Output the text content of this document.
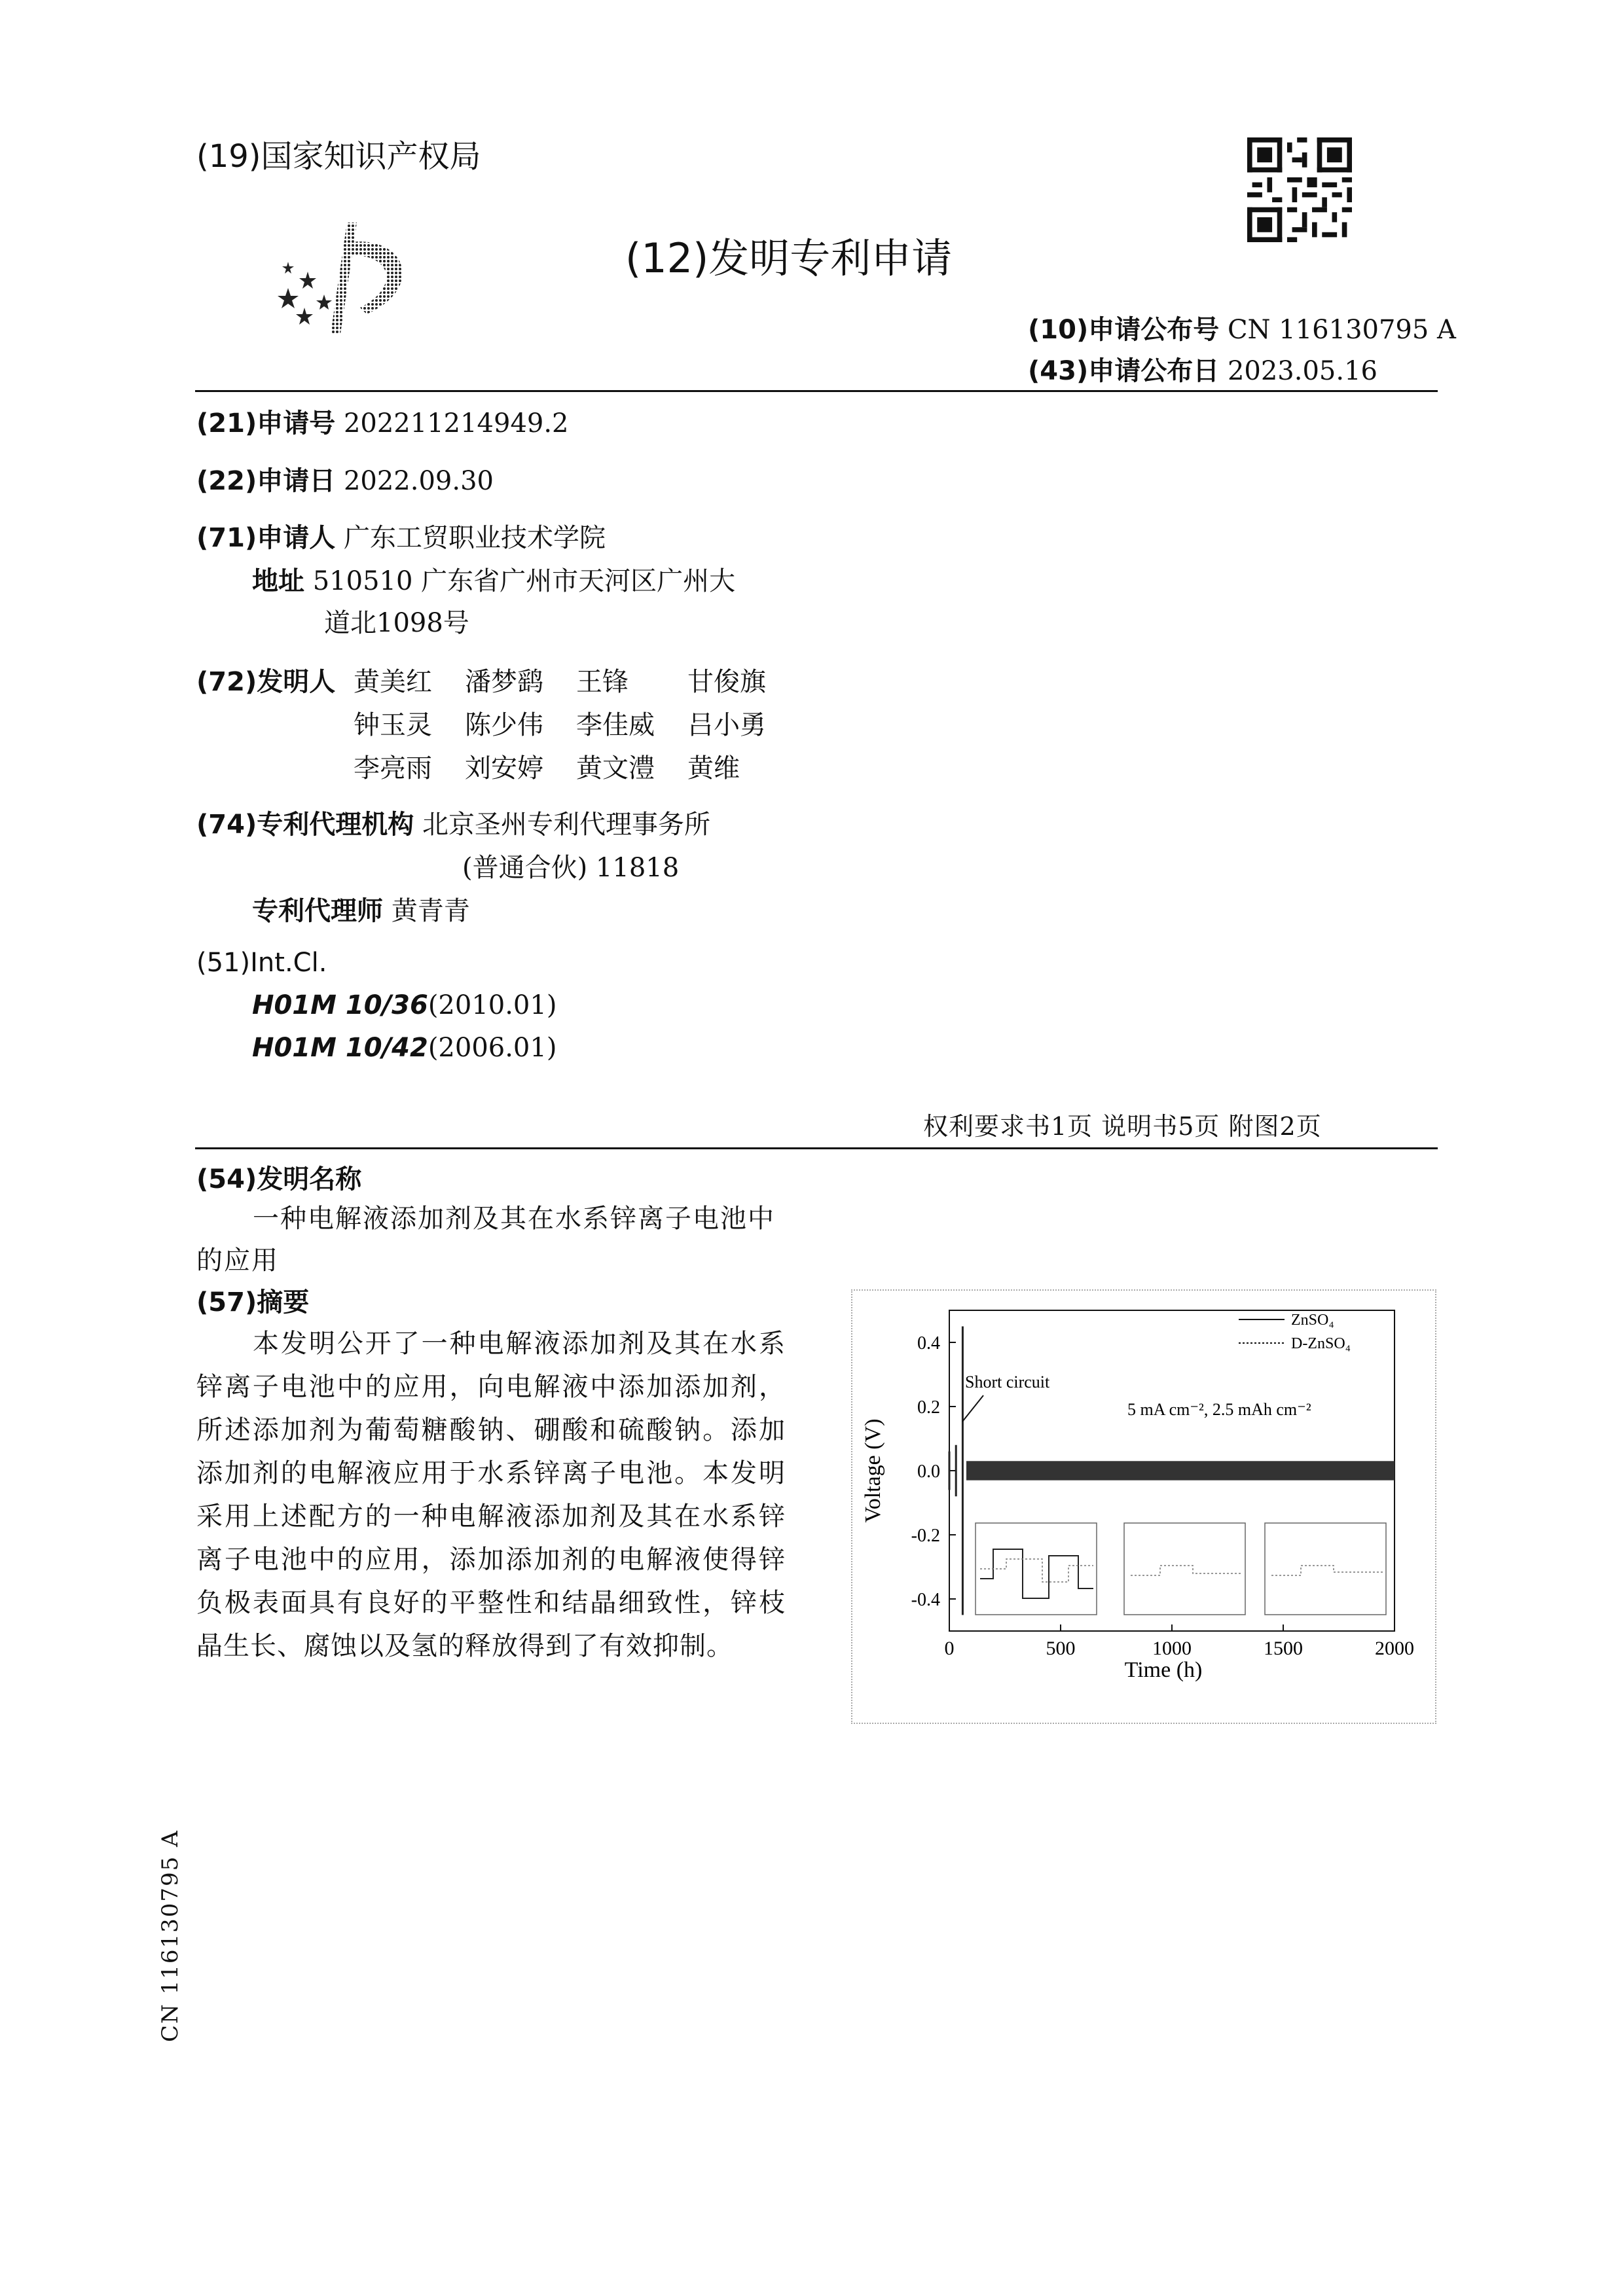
(19)国家知识产权局
(12)发明专利申请
(10)申请公布号 CN 116130795 A
(43)申请公布日 2023.05.16
(21)申请号 202211214949.2
(22)申请日 2022.09.30
(71)申请人 广东工贸职业技术学院
地址 510510 广东省广州市天河区广州大
道北1098号
(72)发明人 黄美红 潘梦鹞 王锋 甘俊旗
钟玉灵 陈少伟 李佳威 吕小勇
李亮雨 刘安婷 黄文澧 黄维
(74)专利代理机构 北京圣州专利代理事务所
(普通合伙) 11818
专利代理师 黄青青
(51)Int.Cl.
H01M 10/36(2010.01)
H01M 10/42(2006.01)
权利要求书1页 说明书5页 附图2页
(54)发明名称
一种电解液添加剂及其在水系锌离子电池中的应用
(57)摘要
本发明公开了一种电解液添加剂及其在水系锌离子电池中的应用，向电解液中添加添加剂，所述添加剂为葡萄糖酸钠、硼酸和硫酸钠。添加添加剂的电解液应用于水系锌离子电池。本发明采用上述配方的一种电解液添加剂及其在水系锌离子电池中的应用，添加添加剂的电解液使得锌负极表面具有良好的平整性和结晶细致性，锌枝晶生长、腐蚀以及氢的释放得到了有效抑制。	0	500	1000	1500	2000
0.4
0.2
0.0
-0.2
-0.4
ZnSO₄
D-ZnSO₄
Short circuit
5 mA cm⁻², 2.5 mAh cm⁻²
Time (h)
Voltage (V)
CN 116130795 A
